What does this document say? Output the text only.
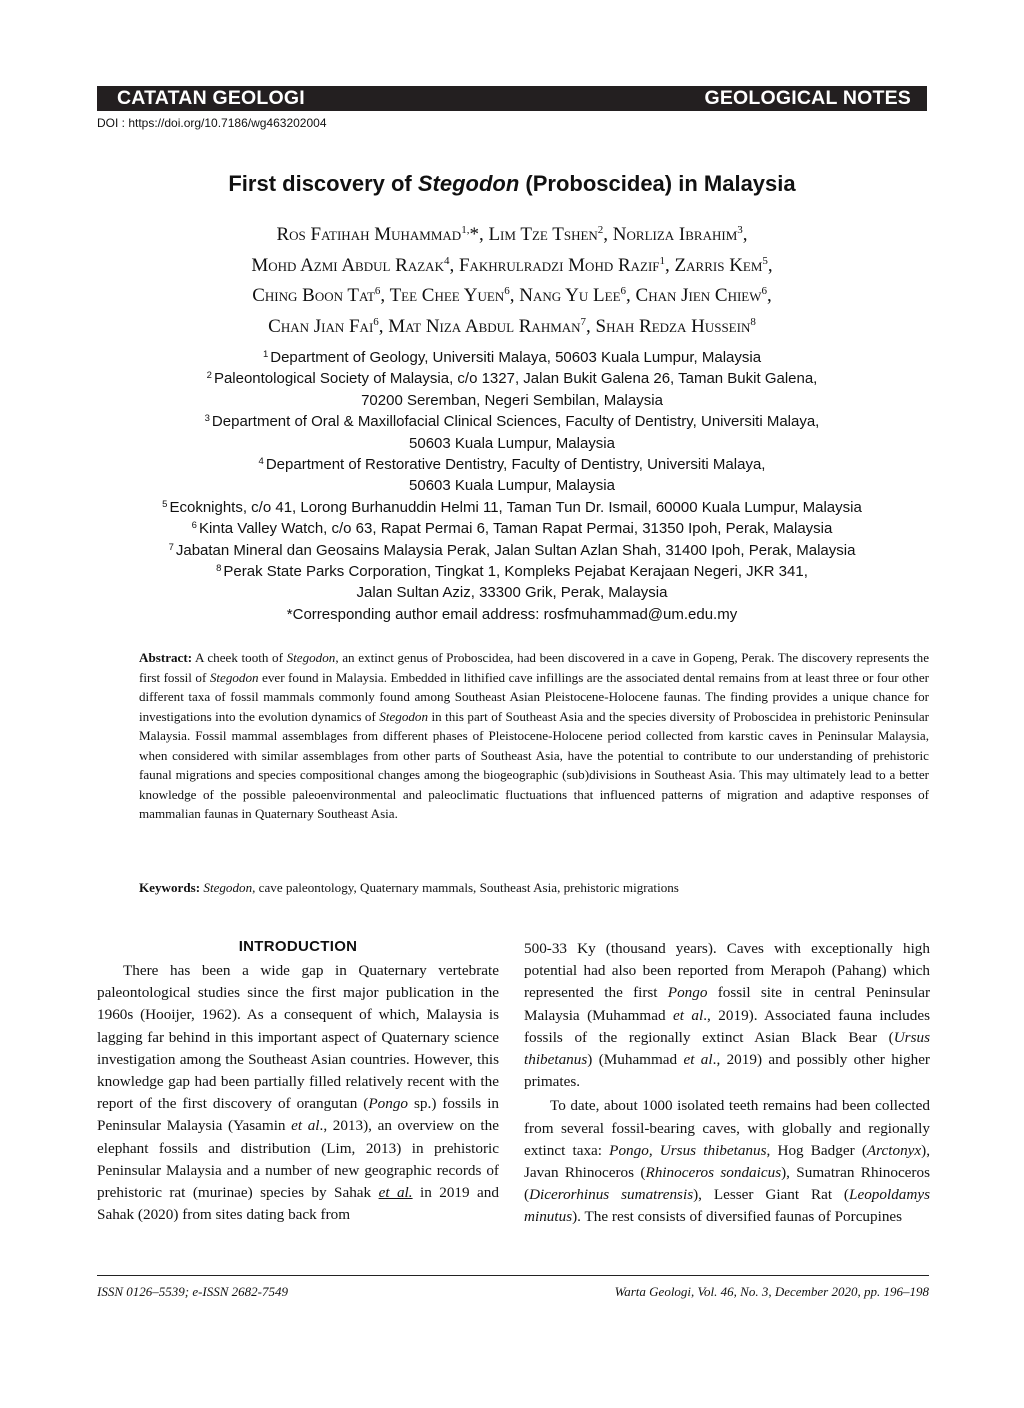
CATATAN GEOLOGI	GEOLOGICAL NOTES
DOI : https://doi.org/10.7186/wg463202004
First discovery of Stegodon (Proboscidea) in Malaysia
Ros Fatihah Muhammad$^{1,}$*, Lim Tze Tshen$^2$, Norliza Ibrahim$^3$,
Mohd Azmi Abdul Razak$^4$, Fakhrulradzi Mohd Razif$^1$, Zarris Kem$^5$,
Ching Boon Tat$^6$, Tee Chee Yuen$^6$, Nang Yu Lee$^6$, Chan Jien Chiew$^6$,
Chan Jian Fai$^6$, Mat Niza Abdul Rahman$^7$, Shah Redza Hussein$^8$
$^1$ Department of Geology, Universiti Malaya, 50603 Kuala Lumpur, Malaysia
$^2$ Paleontological Society of Malaysia, c/o 1327, Jalan Bukit Galena 26, Taman Bukit Galena,
70200 Seremban, Negeri Sembilan, Malaysia
$^3$ Department of Oral & Maxillofacial Clinical Sciences, Faculty of Dentistry, Universiti Malaya,
50603 Kuala Lumpur, Malaysia
$^4$ Department of Restorative Dentistry, Faculty of Dentistry, Universiti Malaya,
50603 Kuala Lumpur, Malaysia
$^5$ Ecoknights, c/o 41, Lorong Burhanuddin Helmi 11, Taman Tun Dr. Ismail, 60000 Kuala Lumpur, Malaysia
$^6$ Kinta Valley Watch, c/o 63, Rapat Permai 6, Taman Rapat Permai, 31350 Ipoh, Perak, Malaysia
$^7$ Jabatan Mineral dan Geosains Malaysia Perak, Jalan Sultan Azlan Shah, 31400 Ipoh, Perak, Malaysia
$^8$ Perak State Parks Corporation, Tingkat 1, Kompleks Pejabat Kerajaan Negeri, JKR 341,
Jalan Sultan Aziz, 33300 Grik, Perak, Malaysia
*Corresponding author email address: rosfmuhammad@um.edu.my
Abstract: A cheek tooth of Stegodon, an extinct genus of Proboscidea, had been discovered in a cave in Gopeng, Perak. The discovery represents the first fossil of Stegodon ever found in Malaysia. Embedded in lithified cave infillings are the associated dental remains from at least three or four other different taxa of fossil mammals commonly found among Southeast Asian Pleistocene-Holocene faunas. The finding provides a unique chance for investigations into the evolution dynamics of Stegodon in this part of Southeast Asia and the species diversity of Proboscidea in prehistoric Peninsular Malaysia. Fossil mammal assemblages from different phases of Pleistocene-Holocene period collected from karstic caves in Peninsular Malaysia, when considered with similar assemblages from other parts of Southeast Asia, have the potential to contribute to our understanding of prehistoric faunal migrations and species compositional changes among the biogeographic (sub)divisions in Southeast Asia. This may ultimately lead to a better knowledge of the possible paleoenvironmental and paleoclimatic fluctuations that influenced patterns of migration and adaptive responses of mammalian faunas in Quaternary Southeast Asia.
Keywords: Stegodon, cave paleontology, Quaternary mammals, Southeast Asia, prehistoric migrations
INTRODUCTION

There has been a wide gap in Quaternary vertebrate paleontological studies since the first major publication in the 1960s (Hooijer, 1962). As a consequent of which, Malaysia is lagging far behind in this important aspect of Quaternary science investigation among the Southeast Asian countries. However, this knowledge gap had been partially filled relatively recent with the report of the first discovery of orangutan (Pongo sp.) fossils in Peninsular Malaysia (Yasamin et al., 2013), an overview on the elephant fossils and distribution (Lim, 2013) in prehistoric Peninsular Malaysia and a number of new geographic records of prehistoric rat (murinae) species by Sahak et al. in 2019 and Sahak (2020) from sites dating back from

500-33 Ky (thousand years). Caves with exceptionally high potential had also been reported from Merapoh (Pahang) which represented the first Pongo fossil site in central Peninsular Malaysia (Muhammad et al., 2019). Associated fauna includes fossils of the regionally extinct Asian Black Bear (Ursus thibetanus) (Muhammad et al., 2019) and possibly other higher primates.

To date, about 1000 isolated teeth remains had been collected from several fossil-bearing caves, with globally and regionally extinct taxa: Pongo, Ursus thibetanus, Hog Badger (Arctonyx), Javan Rhinoceros (Rhinoceros sondaicus), Sumatran Rhinoceros (Dicerorhinus sumatrensis), Lesser Giant Rat (Leopoldamys minutus). The rest consists of diversified faunas of Porcupines

ISSN 0126–5539; e-ISSN 2682-7549	Warta Geologi, Vol. 46, No. 3, December 2020, pp. 196–198
